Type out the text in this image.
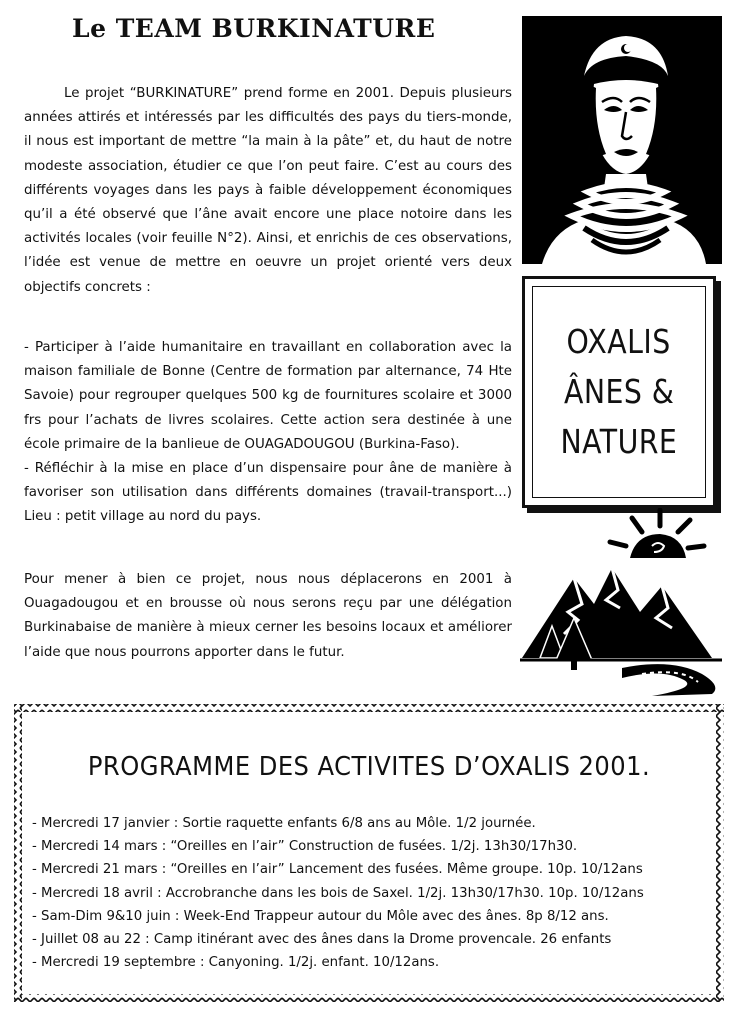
Le TEAM BURKINATURE
Le projet “BURKINATURE” prend forme en 2001. Depuis plusieurs années attirés et intéressés par les difficultés des pays du tiers-monde, il nous est important de mettre “la main à la pâte” et, du haut de notre modeste association, étudier ce que l’on peut faire. C’est au cours des différents voyages dans les pays à faible développement économiques qu’il a été observé que l’âne avait encore une place notoire dans les activités locales (voir feuille N°2). Ainsi, et enrichis de ces observations, l’idée est venue de mettre en oeuvre un projet orienté vers deux objectifs concrets :
- Participer à l’aide humanitaire en travaillant en collaboration avec la maison familiale de Bonne (Centre de formation par alternance, 74 Hte Savoie) pour regrouper quelques 500 kg de fournitures scolaire et 3000 frs pour l’achats de livres scolaires. Cette action sera destinée à une école primaire de la banlieue de OUAGADOUGOU (Burkina-Faso).
- Réfléchir à la mise en place d’un dispensaire pour âne de manière à favoriser son utilisation dans différents domaines (travail-transport...) Lieu : petit village au nord du pays.
Pour mener à bien ce projet, nous nous déplacerons en 2001 à Ouagadougou et en brousse où nous serons reçu par une délégation Burkinabaise de manière à mieux cerner les besoins locaux et améliorer l’aide que nous pourrons apporter dans le futur.
OXALIS
ÂNES &
NATURE
PROGRAMME DES ACTIVITES D’OXALIS 2001.
- Mercredi 17 janvier : Sortie raquette enfants 6/8 ans au Môle. 1/2 journée.
- Mercredi 14 mars : “Oreilles en l’air” Construction de fusées. 1/2j. 13h30/17h30.
- Mercredi 21 mars : “Oreilles en l’air” Lancement des fusées. Même groupe. 10p. 10/12ans
- Mercredi 18 avril : Accrobranche dans les bois de Saxel. 1/2j. 13h30/17h30. 10p. 10/12ans
- Sam-Dim 9&10 juin : Week-End Trappeur autour du Môle avec des ânes. 8p 8/12 ans.
- Juillet 08 au 22 : Camp itinérant avec des ânes dans la Drome provencale. 26 enfants
- Mercredi 19 septembre : Canyoning. 1/2j. enfant. 10/12ans.
